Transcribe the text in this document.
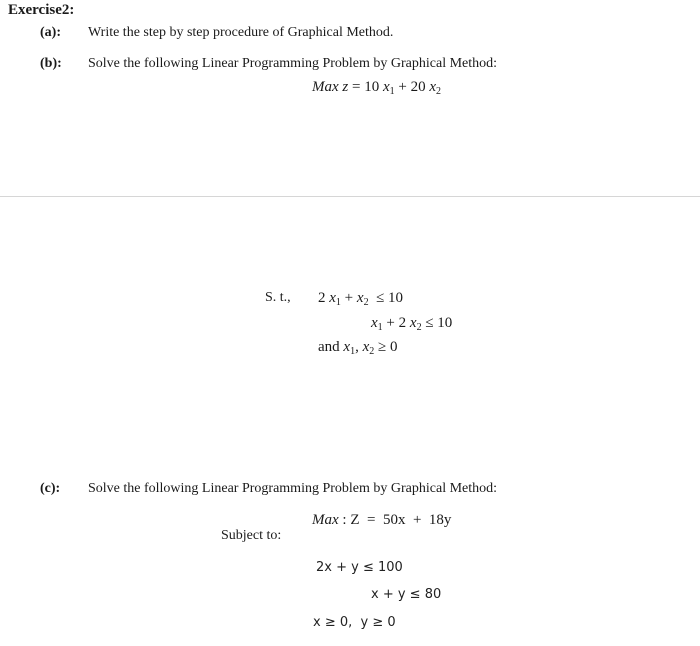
Exercise2:
(a): Write the step by step procedure of Graphical Method.
(b): Solve the following Linear Programming Problem by Graphical Method:
Max z = 10 $x_1 + 20$ $x_2$
S. t., 2 $x_1 + x_2 \le 10$
$x_1 + 2$ $x_2 \le 10$
and $x_1$, $x_2 \ge 0$
(c): Solve the following Linear Programming Problem by Graphical Method:
Max : Z  =  50x  +  18y
Subject to:
2x + y ≤ 100
x + y ≤ 80
x ≥ 0,  y ≥ 0
